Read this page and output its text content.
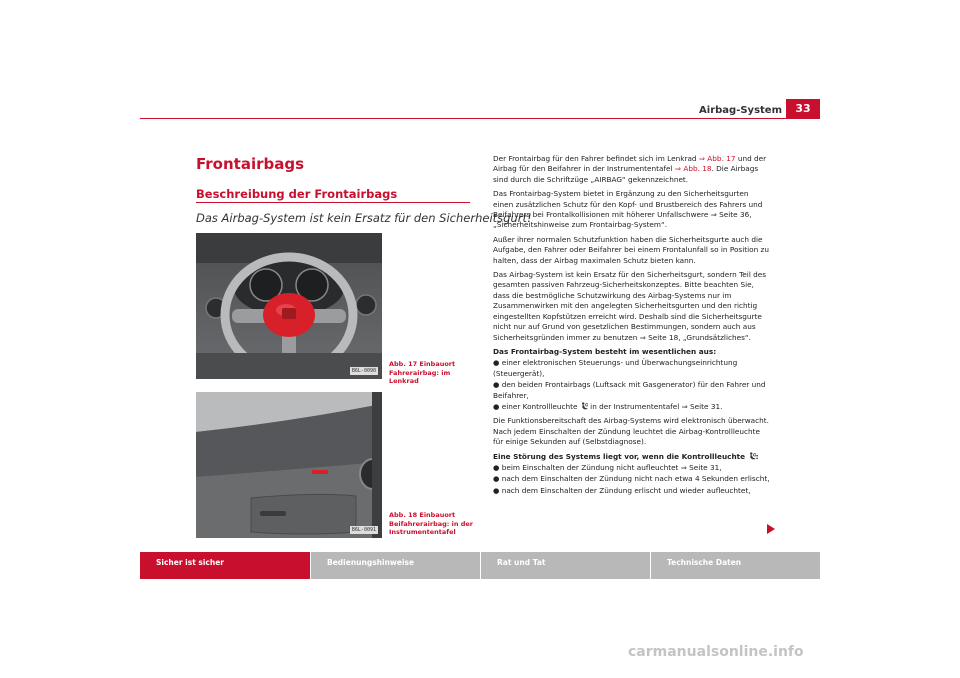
Airbag-System	33
Frontairbags
Beschreibung der Frontairbags
Das Airbag-System ist kein Ersatz für den Sicherheitsgurt!
B6L-0090
Abb. 17 Einbauort
Fahrerairbag: im Lenkrad
B6L-0091
Abb. 18 Einbauort
Beifahrerairbag: in der
Instrumententafel

Der Frontairbag für den Fahrer befindet sich im Lenkrad ⇒ Abb. 17 und der Airbag für den Beifahrer in der Instrumententafel ⇒ Abb. 18. Die Airbags sind durch die Schriftzüge „AIRBAG“ gekennzeichnet.

Das Frontairbag-System bietet in Ergänzung zu den Sicherheitsgurten einen zusätzlichen Schutz für den Kopf- und Brustbereich des Fahrers und Beifahrers bei Frontalkollisionen mit höherer Unfallschwere ⇒ Seite 36, „Sicherheitshinweise zum Frontairbag-System“.

Außer ihrer normalen Schutzfunktion haben die Sicherheitsgurte auch die Aufgabe, den Fahrer oder Beifahrer bei einem Frontalunfall so in Position zu halten, dass der Airbag maximalen Schutz bieten kann.

Das Airbag-System ist kein Ersatz für den Sicherheitsgurt, sondern Teil des gesamten passiven Fahrzeug-Sicherheitskonzeptes. Bitte beachten Sie, dass die bestmögliche Schutzwirkung des Airbag-Systems nur im Zusammenwirken mit den angelegten Sicherheitsgurten und den richtig eingestellten Kopfstützen erreicht wird. Deshalb sind die Sicherheitsgurte nicht nur auf Grund von gesetzlichen Bestimmungen, sondern auch aus Sicherheitsgründen immer zu benutzen ⇒ Seite 18, „Grundsätzliches“.

Das Frontairbag-System besteht im wesentlichen aus:

● einer elektronischen Steuerungs- und Überwachungseinrichtung (Steuergerät),

● den beiden Frontairbags (Luftsack mit Gasgenerator) für den Fahrer und Beifahrer,

● einer Kontrollleuchte  in der Instrumententafel ⇒ Seite 31.

Die Funktionsbereitschaft des Airbag-Systems wird elektronisch überwacht. Nach jedem Einschalten der Zündung leuchtet die Airbag-Kontrollleuchte für einige Sekunden auf (Selbstdiagnose).

Eine Störung des Systems liegt vor, wenn die Kontrollleuchte :

● beim Einschalten der Zündung nicht aufleuchtet ⇒ Seite 31,

● nach dem Einschalten der Zündung nicht nach etwa 4 Sekunden erlischt,

● nach dem Einschalten der Zündung erlischt und wieder aufleuchtet,

Sicher ist sicher	Bedienungshinweise	Rat und Tat	Technische Daten
carmanualsonline.info
